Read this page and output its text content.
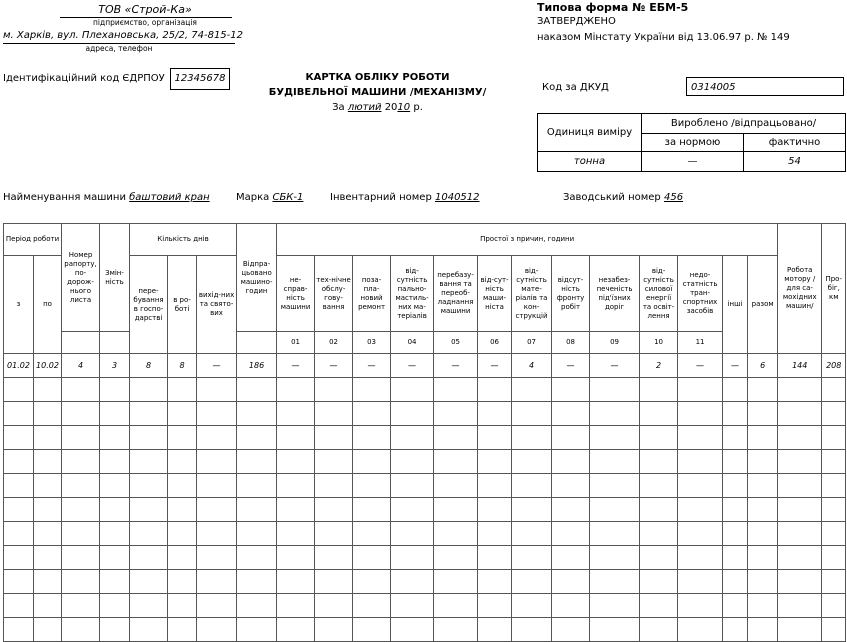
ТОВ «Строй-Ка»
підприємство, організація
м. Харків, вул. Плехановська, 25/2, 74-815-12
адреса, телефон
Типова форма № ЕБМ-5
ЗАТВЕРДЖЕНО
наказом Мінстату України від 13.06.97 р. № 149
Ідентифікаційний код ЄДРПОУ 12345678	КАРТКА ОБЛІКУ РОБОТИ
БУДІВЕЛЬНОЇ МАШИНИ /МЕХАНІЗМУ/
За лютий 2010 р.
Код за ДКУД	0314005
Одиниця виміру	Вироблено /відпрацьовано/	
	за нормою	фактично
тонна	—	54
Найменування машини баштовий кран	Марка СБК-1	Інвентарний номер 1040512	Заводський номер 456
Період роботи		Номер рапорту, по-дорож-нього листа	Змін-ність	Кількість днів			Відпра-цьовано машино-годин	Простої з причин, години													Робота мотору / для са-мохідних машин/	Про-біг, км
з	по			пере-бування в госпо-дарстві	в ро-боті	вихід-них та свято-вих		не-спрaв-ність машини	тех-нічне обслу-гову-вання	поза-пла-новий ремонт	від-сутність пально-мастиль-них ма-теріалів	перебазу-вання та переоб-ладнання машини	від-сут-ність маши-ніста	від-сутність мате-ріалів та кон-струкцій	відсут-ність фронту робіт	незабез-печеність під'їзних доріг	від-сутність силової енергії та освіт-лення	недо-статність тран-спортних засобів	інші	разом		
								01	02	03	04	05	06	07	08	09	10	11				
01.02	10.02	4	3	8	8	—	186	—	—	—	—	—	—	4	—	—	2	—	—	6	144	208
